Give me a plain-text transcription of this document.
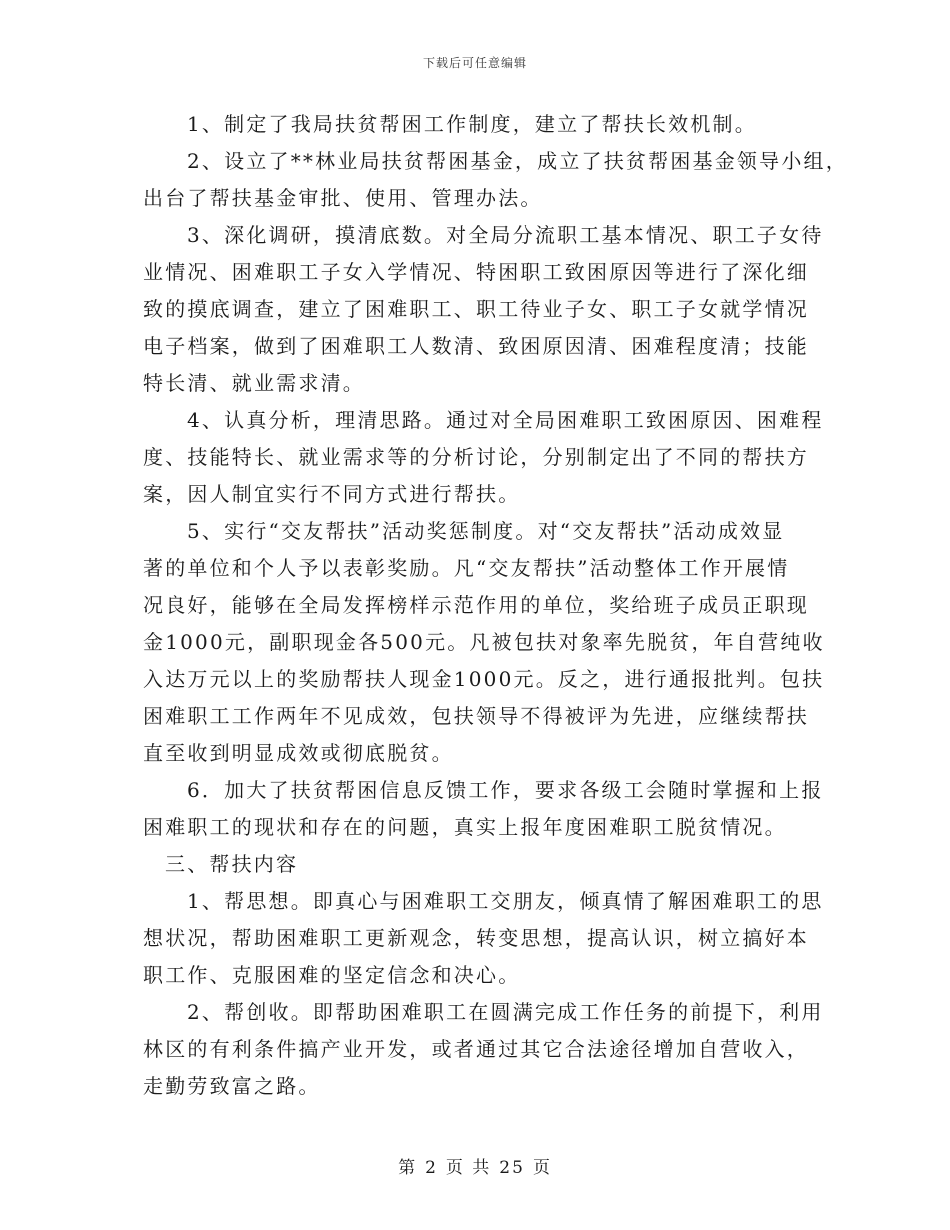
下载后可任意编辑

1、制定了我局扶贫帮困工作制度，建立了帮扶长效机制。

2、设立了**林业局扶贫帮困基金，成立了扶贫帮困基金领导小组，
出台了帮扶基金审批、使用、管理办法。

3、深化调研，摸清底数。对全局分流职工基本情况、职工子女待
业情况、困难职工子女入学情况、特困职工致困原因等进行了深化细
致的摸底调查，建立了困难职工、职工待业子女、职工子女就学情况
电子档案，做到了困难职工人数清、致困原因清、困难程度清；技能
特长清、就业需求清。

4、认真分析，理清思路。通过对全局困难职工致困原因、困难程
度、技能特长、就业需求等的分析讨论，分别制定出了不同的帮扶方
案，因人制宜实行不同方式进行帮扶。

5、实行“交友帮扶”活动奖惩制度。对“交友帮扶”活动成效显
著的单位和个人予以表彰奖励。凡“交友帮扶”活动整体工作开展情
况良好，能够在全局发挥榜样示范作用的单位，奖给班子成员正职现
金1000元，副职现金各500元。凡被包扶对象率先脱贫，年自营纯收
入达万元以上的奖励帮扶人现金1000元。反之，进行通报批判。包扶
困难职工工作两年不见成效，包扶领导不得被评为先进，应继续帮扶
直至收到明显成效或彻底脱贫。

6．加大了扶贫帮困信息反馈工作，要求各级工会随时掌握和上报
困难职工的现状和存在的问题，真实上报年度困难职工脱贫情况。

三、帮扶内容

1、帮思想。即真心与困难职工交朋友，倾真情了解困难职工的思
想状况，帮助困难职工更新观念，转变思想，提高认识，树立搞好本
职工作、克服困难的坚定信念和决心。

2、帮创收。即帮助困难职工在圆满完成工作任务的前提下，利用
林区的有利条件搞产业开发，或者通过其它合法途径增加自营收入，
走勤劳致富之路。

第 2 页 共 25 页
